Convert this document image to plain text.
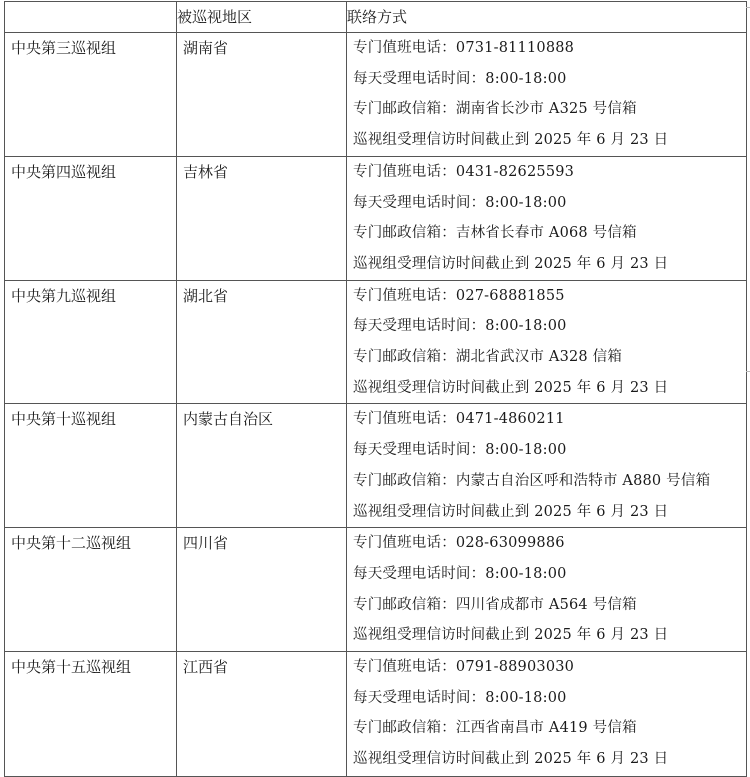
	被巡视地区	联络方式

中央第三巡视组	湖南省	专门值班电话：0731-81110888
每天受理电话时间：8:00-18:00
专门邮政信箱：湖南省长沙市 A325 号信箱
巡视组受理信访时间截止到 2025 年 6 月 23 日

中央第四巡视组	吉林省	专门值班电话：0431-82625593
每天受理电话时间：8:00-18:00
专门邮政信箱：吉林省长春市 A068 号信箱
巡视组受理信访时间截止到 2025 年 6 月 23 日

中央第九巡视组	湖北省	专门值班电话：027-68881855
每天受理电话时间：8:00-18:00
专门邮政信箱：湖北省武汉市 A328 信箱
巡视组受理信访时间截止到 2025 年 6 月 23 日

中央第十巡视组	内蒙古自治区	专门值班电话：0471-4860211
每天受理电话时间：8:00-18:00
专门邮政信箱：内蒙古自治区呼和浩特市 A880 号信箱
巡视组受理信访时间截止到 2025 年 6 月 23 日

中央第十二巡视组	四川省	专门值班电话：028-63099886
每天受理电话时间：8:00-18:00
专门邮政信箱：四川省成都市 A564 号信箱
巡视组受理信访时间截止到 2025 年 6 月 23 日

中央第十五巡视组	江西省	专门值班电话：0791-88903030
每天受理电话时间：8:00-18:00
专门邮政信箱：江西省南昌市 A419 号信箱
巡视组受理信访时间截止到 2025 年 6 月 23 日
